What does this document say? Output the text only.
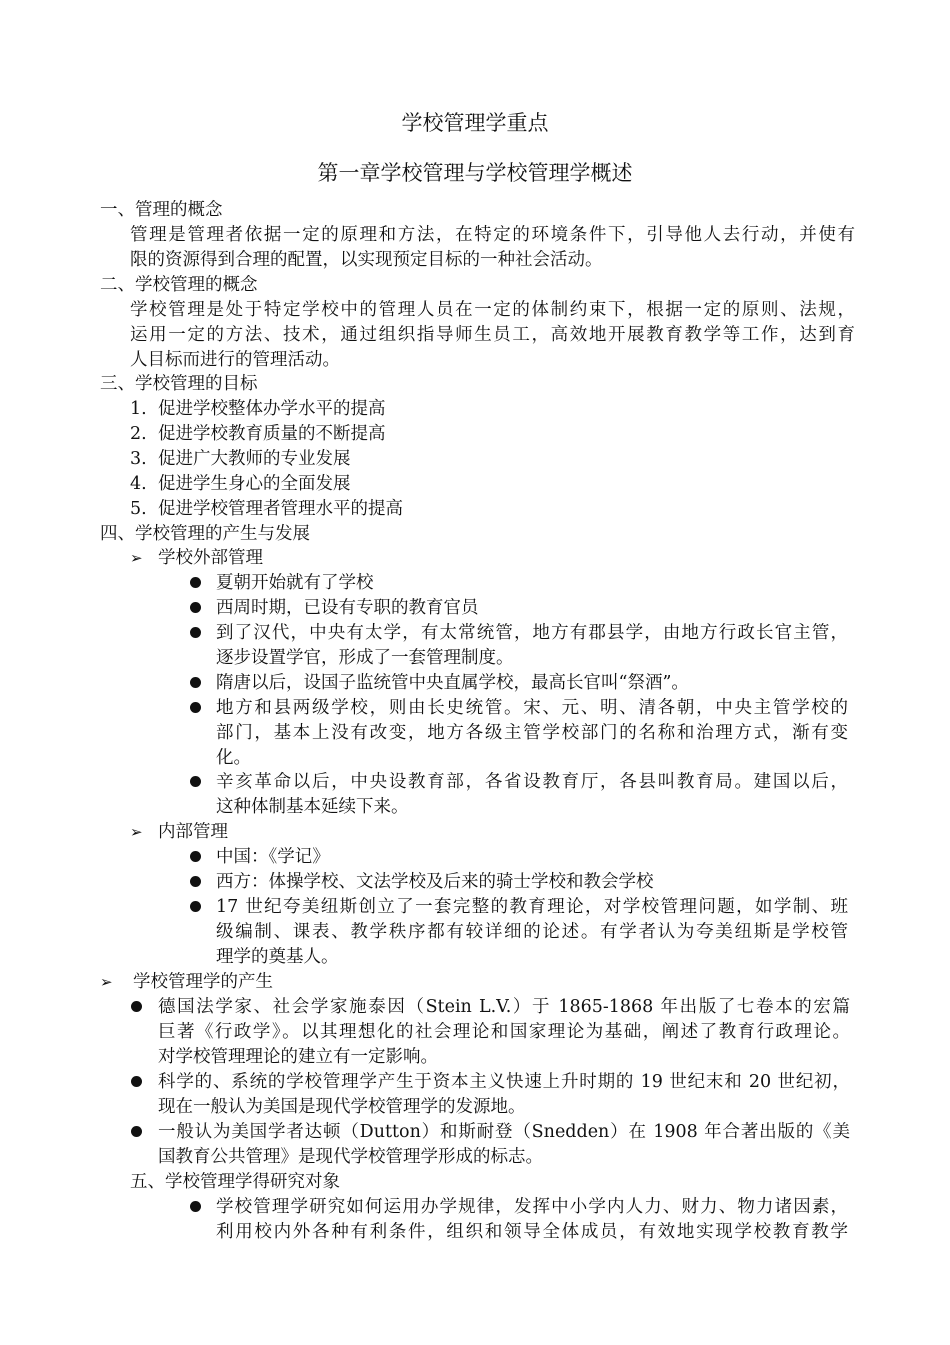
学校管理学重点
第一章学校管理与学校管理学概述
一、管理的概念
管理是管理者依据一定的原理和方法，在特定的环境条件下，引导他人去行动，并使有
限的资源得到合理的配置，以实现预定目标的一种社会活动。
二、学校管理的概念
学校管理是处于特定学校中的管理人员在一定的体制约束下，根据一定的原则、法规，
运用一定的方法、技术，通过组织指导师生员工，高效地开展教育教学等工作，达到育
人目标而进行的管理活动。
三、学校管理的目标
1. 促进学校整体办学水平的提高
2. 促进学校教育质量的不断提高
3. 促进广大教师的专业发展
4. 促进学生身心的全面发展
5. 促进学校管理者管理水平的提高
四、学校管理的产生与发展
➢ 学校外部管理
夏朝开始就有了学校
西周时期，已设有专职的教育官员
到了汉代，中央有太学，有太常统管，地方有郡县学，由地方行政长官主管，
逐步设置学官，形成了一套管理制度。
隋唐以后，设国子监统管中央直属学校，最高长官叫“祭酒”。
地方和县两级学校，则由长史统管。宋、元、明、清各朝，中央主管学校的
部门，基本上没有改变，地方各级主管学校部门的名称和治理方式，渐有变
化。
辛亥革命以后，中央设教育部，各省设教育厅，各县叫教育局。建国以后，
这种体制基本延续下来。
➢ 内部管理
中国：《学记》
西方：体操学校、文法学校及后来的骑士学校和教会学校
17 世纪夸美纽斯创立了一套完整的教育理论，对学校管理问题，如学制、班
级编制、课表、教学秩序都有较详细的论述。有学者认为夸美纽斯是学校管
理学的奠基人。
➢ 学校管理学的产生
德国法学家、社会学家施泰因（Stein L.V.）于 1865-1868 年出版了七卷本的宏篇
巨著《行政学》。以其理想化的社会理论和国家理论为基础，阐述了教育行政理论。
对学校管理理论的建立有一定影响。
科学的、系统的学校管理学产生于资本主义快速上升时期的 19 世纪末和 20 世纪初，
现在一般认为美国是现代学校管理学的发源地。
一般认为美国学者达顿（Dutton）和斯耐登（Snedden）在 1908 年合著出版的《美
国教育公共管理》是现代学校管理学形成的标志。
五、学校管理学得研究对象
学校管理学研究如何运用办学规律，发挥中小学内人力、财力、物力诸因素，
利用校内外各种有利条件，组织和领导全体成员，有效地实现学校教育教学
